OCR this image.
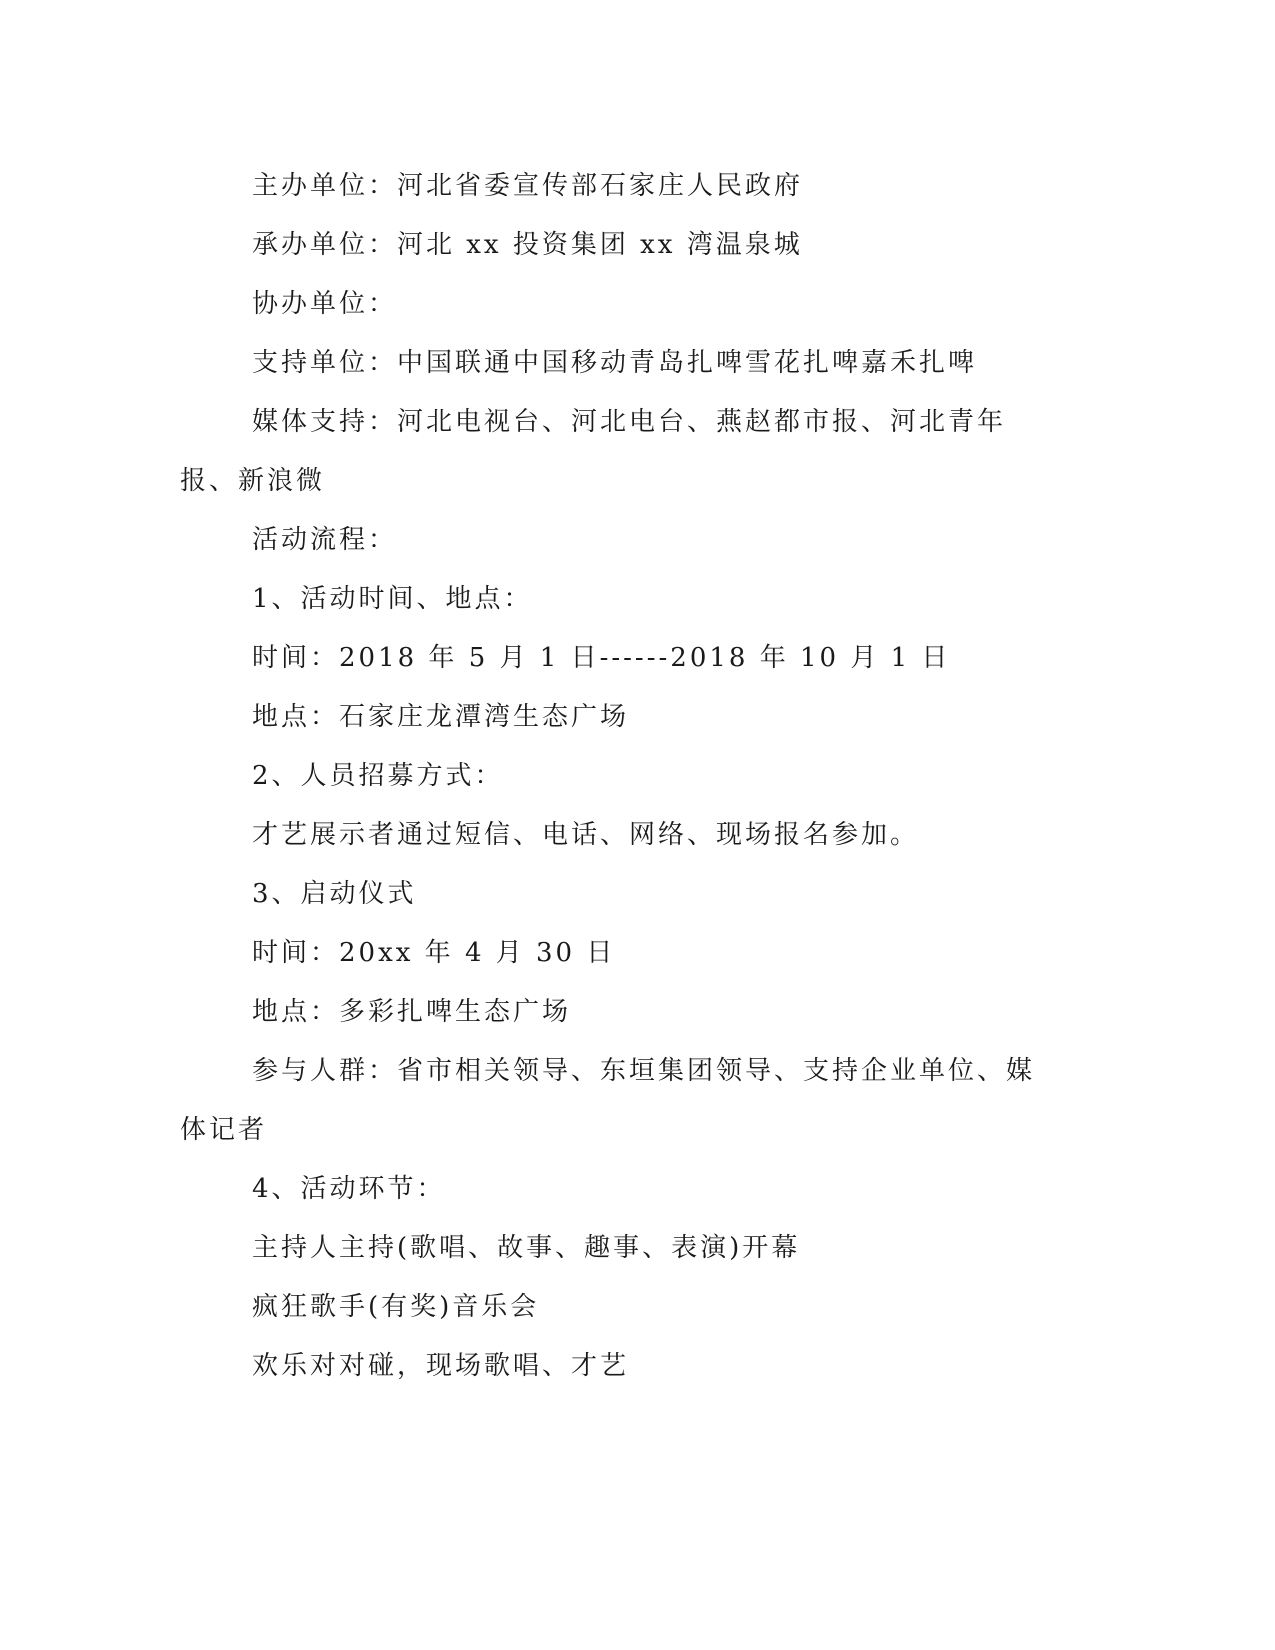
主办单位：河北省委宣传部石家庄人民政府

承办单位：河北 xx 投资集团 xx 湾温泉城

协办单位：

支持单位：中国联通中国移动青岛扎啤雪花扎啤嘉禾扎啤

媒体支持：河北电视台、河北电台、燕赵都市报、河北青年报、新浪微

活动流程：

1、活动时间、地点：

时间：2018 年 5 月 1 日------2018 年 10 月 1 日

地点：石家庄龙潭湾生态广场

2、人员招募方式：

才艺展示者通过短信、电话、网络、现场报名参加。

3、启动仪式

时间：20xx 年 4 月 30 日

地点：多彩扎啤生态广场

参与人群：省市相关领导、东垣集团领导、支持企业单位、媒体记者

4、活动环节：

主持人主持(歌唱、故事、趣事、表演)开幕

疯狂歌手(有奖)音乐会

欢乐对对碰，现场歌唱、才艺
